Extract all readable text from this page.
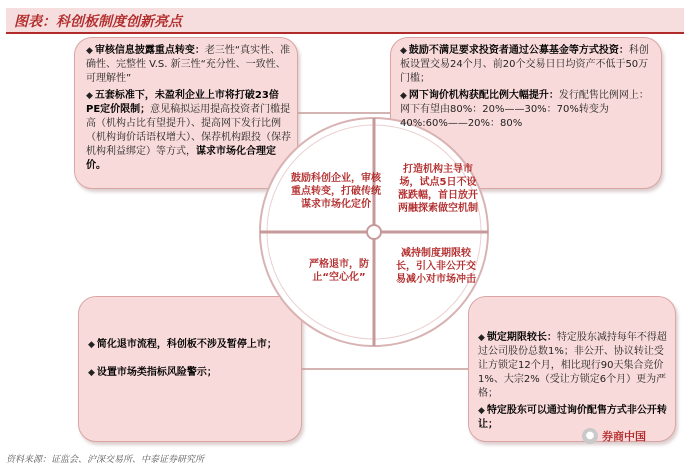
图表：科创板制度创新亮点
鼓励科创企业，审核重点转变，打破传统谋求市场化定价
打造机构主导市场，试点5日不设涨跌幅，首日放开两融探索做空机制
严格退市，防止“空心化”
减持制度期限较长，引入非公开交易减小对市场冲击

◆ 审核信息披露重点转变：老三性“真实性、准确性、完整性 V.S. 新三性“充分性、一致性、可理解性”

◆ 五套标准下，未盈利企业上市将打破23倍PE定价限制；意见稿拟运用提高投资者门槛提高（机构占比有望提升）、提高网下发行比例（机构询价话语权增大）、保荐机构跟投（保荐机构利益绑定）等方式，谋求市场化合理定价。

◆ 鼓励不满足要求投资者通过公募基金等方式投资：科创板设置交易24个月、前20个交易日日均资产不低于50万门槛；

◆ 网下询价机构获配比例大幅提升：发行配售比例网上：网下有望由80%：20%——30%：70%转变为40%:60%——20%：80%

◆ 简化退市流程，科创板不涉及暂停上市；

◆ 设置市场类指标风险警示；

◆ 锁定期限较长：特定股东减持每年不得超过公司股份总数1%；非公开、协议转让受让方锁定12个月，相比现行90天集合竞价1%、大宗2%（受让方锁定6个月）更为严格；

◆ 特定股东可以通过询价配售方式非公开转让；

资料来源：证监会、沪深交易所、中泰证券研究所
● 券商中国
